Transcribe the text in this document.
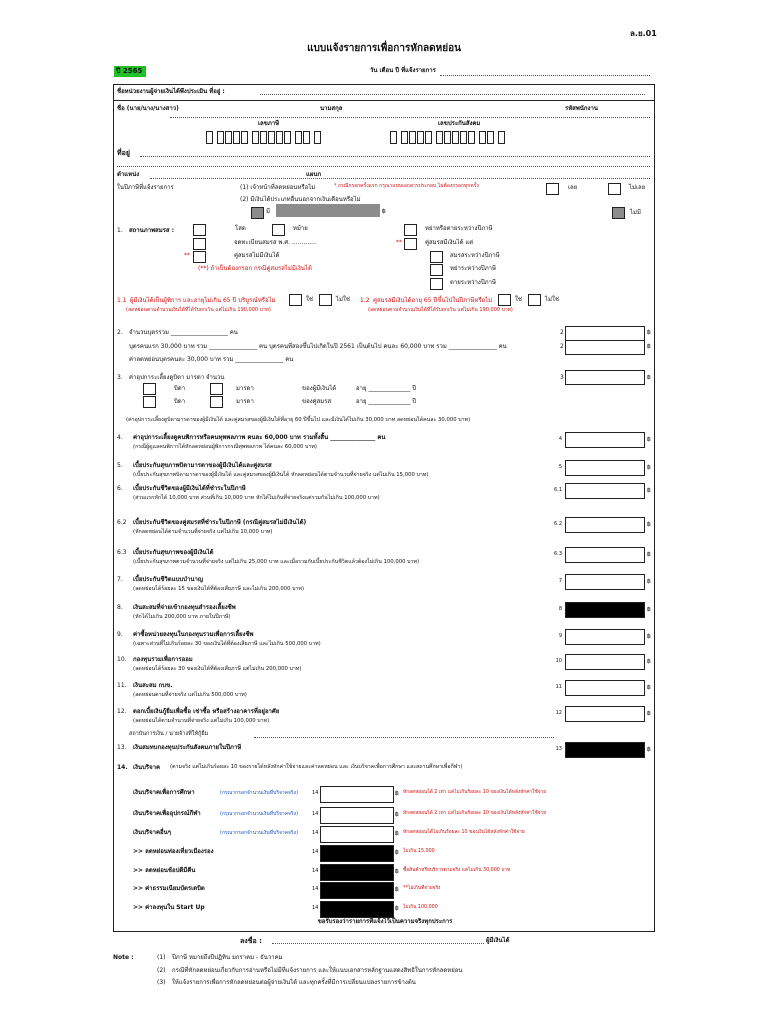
ล.ย.01
แบบแจ้งรายการเพื่อการหักลดหย่อน
ปี 2565	วัน เดือน ปี ที่แจ้งรายการ
ชื่อหน่วยงานผู้จ่ายเงินได้พึงประเมิน ที่อยู่ :
ชื่อ (นาย/นาง/นางสาว)	นามสกุล	รหัสพนักงาน
เลขภาษี	เลขประกันสังคม
ที่อยู่
ตำแหน่ง	แผนก
ในปีภาษีที่แจ้งรายการ	(1) เจ้าหน้าที่ลดหย่อนหรือไม่	* กรณีกรอกครั้งแรก กรุณาแนบเอกสารประกอบ ไม่ต้องกรอกทุกครั้ง	เลย	ไม่เลย
(2) มีเงินได้ประเภทอื่นนอกจากเงินเดือนหรือไม่
มี	฿	ไม่มี
1. สถานภาพสมรส :	โสด	หม้าย	หย่าหรือตายระหว่างปีภาษี
จดทะเบียนสมรส พ.ศ. .............	**	คู่สมรสมีเงินได้ แต่
**	คู่สมรสไม่มีเงินได้	สมรสระหว่างปีภาษี
(**) ถ้าเป็นต้องกรอก กรณีคู่สมรสไม่มีเงินได้	หย่าระหว่างปีภาษี
ตายระหว่างปีภาษี
1.1 ผู้มีเงินได้เป็นผู้พิการ และอายุไม่เกิน 65 ปี บริบูรณ์หรือไม่
(ลดหย่อนตามจำนวนเงินได้ที่ได้รับยกเว้น แต่ไม่เกิน 190,000 บาท)
ใช่	ไม่ใช่ 1.2 คู่สมรสมีเงินได้อายุ 65 ปีขึ้นไปในปีภาษีหรือไม่
(ลดหย่อนตามจำนวนเงินได้ที่ได้รับยกเว้น แต่ไม่เกิน 190,000 บาท)
ใช่	ไม่ใช่
2. จำนวนบุตรรวม ___________________ คน	2	฿
บุตรคนแรก 30,000 บาท รวม ________________ คน บุตรคนที่สองขึ้นไปเกิดในปี 2561 เป็นต้นไป คนละ 60,000 บาท รวม ________________ คน	2	฿
ค่าลดหย่อนบุตรคนละ 30,000 บาท รวม ________________ คน
3. ค่าอุปการะเลี้ยงดูบิดา มารดา จำนวน	3	฿
บิดา	มารดา	ของผู้มีเงินได้	อายุ ______________ ปี
บิดา	มารดา	ของคู่สมรส	อายุ ______________ ปี
(ค่าอุปการะเลี้ยงดูบิดามารดาของผู้มีเงินได้ และคู่สมรสของผู้มีเงินได้ที่อายุ 60 ปีขึ้นไป และมีเงินได้ไม่เกิน 30,000 บาท ลดหย่อนได้คนละ 30,000 บาท)
4. ค่าอุปการะเลี้ยงดูคนพิการหรือคนทุพพลภาพ คนละ 60,000 บาท รวมทั้งสิ้น _______________ คน
(กรณีผู้ดูแลคนพิการได้หักลดหย่อนผู้พิการกรณีทุพพลภาพ ได้คนละ 60,000 บาท)
4	฿
5. เบี้ยประกันสุขภาพบิดามารดาของผู้มีเงินได้และคู่สมรส
(เบี้ยประกันสุขภาพบิดามารดาของผู้มีเงินได้ และคู่สมรสของผู้มีเงินได้ หักลดหย่อนได้ตามจำนวนที่จ่ายจริง แต่ไม่เกิน 15,000 บาท)
5	฿
6. เบี้ยประกันชีวิตของผู้มีเงินได้ที่ชำระในปีภาษี
(ส่วนแรกหักได้ 10,000 บาท ส่วนที่เกิน 10,000 บาท หักได้ไม่เกินที่จ่ายจริงแต่รวมกันไม่เกิน 100,000 บาท)
6.1	฿
6.2 เบี้ยประกันชีวิตของคู่สมรสที่ชำระในปีภาษี (กรณีคู่สมรสไม่มีเงินได้)
(หักลดหย่อนได้ตามจำนวนที่จ่ายจริง แต่ไม่เกิน 10,000 บาท)
6.2	฿
6.3 เบี้ยประกันสุขภาพของผู้มีเงินได้
(เบี้ยประกันสุขภาพตามจำนวนที่จ่ายจริง แต่ไม่เกิน 25,000 บาท และเมื่อรวมกับเบี้ยประกันชีวิตแล้วต้องไม่เกิน 100,000 บาท)
6.3	฿
7. เบี้ยประกันชีวิตแบบบำนาญ
(ลดหย่อนได้ร้อยละ 15 ของเงินได้ที่ต้องเสียภาษี และไม่เกิน 200,000 บาท)
7	฿
8. เงินสะสมที่จ่ายเข้ากองทุนสำรองเลี้ยงชีพ
(หักได้ไม่เกิน 200,000 บาท ภายในปีภาษี)
8	฿
9. ค่าซื้อหน่วยลงทุนในกองทุนรวมเพื่อการเลี้ยงชีพ
(เฉพาะส่วนที่ไม่เกินร้อยละ 30 ของเงินได้ที่ต้องเสียภาษี และไม่เกิน 500,000 บาท)
9	฿
10. กองทุนรวมเพื่อการออม
(ลดหย่อนได้ร้อยละ 30 ของเงินได้ที่ต้องเสียภาษี แต่ไม่เกิน 200,000 บาท)
10	฿
11. เงินสะสม กบข.
(ลดหย่อนตามที่จ่ายจริง แต่ไม่เกิน 500,000 บาท)
11	฿
12. ดอกเบี้ยเงินกู้ยืมเพื่อซื้อ เช่าซื้อ หรือสร้างอาคารที่อยู่อาศัย
(ลดหย่อนได้ตามจำนวนที่จ่ายจริง แต่ไม่เกิน 100,000 บาท)
12	฿
13. เงินสมทบกองทุนประกันสังคมภายในปีภาษี	13	฿
สถาบันการเงิน / นายจ้างที่ให้กู้ยืม
14. เงินบริจาค (ตามจริง แต่ไม่เกินร้อยละ 10 ของรายได้หลังหักค่าใช้จ่ายและค่าลดหย่อน และ เงินบริจาคเพื่อการศึกษา และสถานศึกษาเพื่อกีฬา)
เงินบริจาคเพื่อการศึกษา	(กรุณากรอกจำนวนเงินที่บริจาคจริง)	14	฿ หักลดหย่อนได้ 2 เท่า แต่ไม่เกินร้อยละ 10 ของเงินได้หลังหักค่าใช้จ่าย
เงินบริจาคเพื่ออุปกรณ์กีฬา	(กรุณากรอกจำนวนเงินที่บริจาคจริง)	14	฿ หักลดหย่อนได้ 2 เท่า แต่ไม่เกินร้อยละ 10 ของเงินได้หลังหักค่าใช้จ่าย
เงินบริจาคอื่นๆ	(กรุณากรอกจำนวนเงินที่บริจาคจริง)	14	฿ หักลดหย่อนได้ไม่เกินร้อยละ 10 ของเงินได้หลังหักค่าใช้จ่าย
>> ลดหย่อนท่องเที่ยวเมืองรอง	14	฿ ไม่เกิน 15,000
>> ลดหย่อนช้อปดีมีคืน	14	฿ ซื้อสินค้าหรือบริการตามจริง แต่ไม่เกิน 30,000 บาท
>> ค่าธรรมเนียมบัตรเดบิต	14	฿ **ไม่เกินที่จ่ายจริง
>> ค่าลงทุนใน Start Up	14	฿ ไม่เกิน 100,000
ขอรับรองว่ารายการที่แจ้งไว้เป็นความจริงทุกประการ
ลงชื่อ :	ผู้มีเงินได้
Note :	(1) ปีภาษี หมายถึงปีปฏิทิน มกราคม - ธันวาคม
(2) กรณีที่หักลดหย่อนเกี่ยวกับการอ่านหรือไม่มีที่แจ้งรายการ และให้แนบเอกสารหลักฐานแสดงสิทธิในการหักลดหย่อน
(3) ให้แจ้งรายการเพื่อการหักลดหย่อนต่อผู้จ่ายเงินได้ และทุกครั้งที่มีการเปลี่ยนแปลงรายการข้างต้น
